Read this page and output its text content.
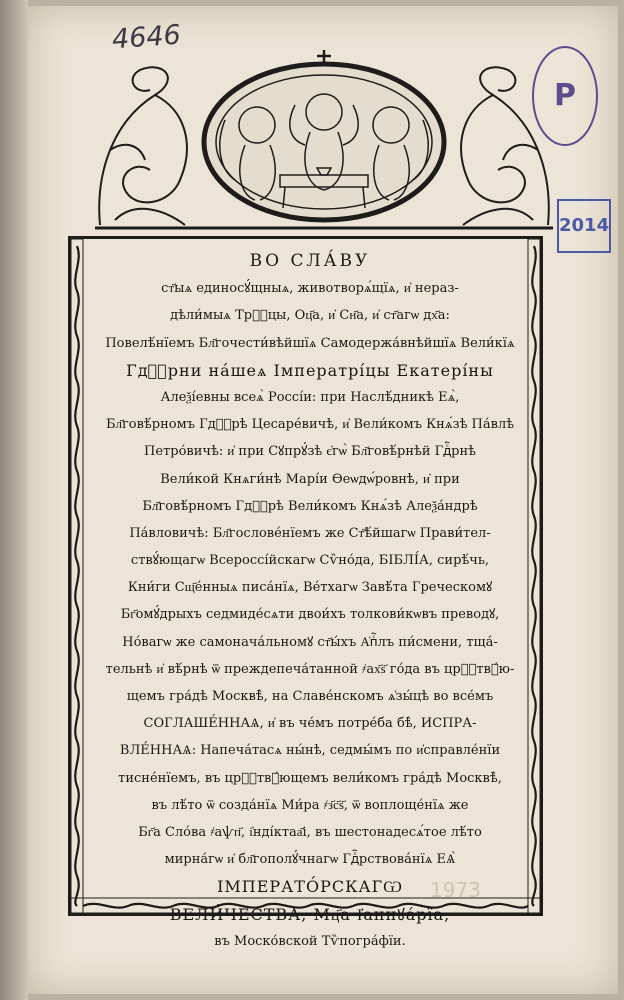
4646
Р
2014
ВО СЛА́ВУ
ст҃ыѧ единосꙋ́щныѧ, животворѧ́щїѧ, и҆ нераз-
дѣли́мыѧ Трⷪ҇цы, Оц҃а, и҆ Сн҃а, и҆ ст҃агѡ дх҃а:
Повелѣ́нїемъ Бл҃гочести́вѣйшїѧ Самодержа́внѣйшїѧ Вели́кїѧ
Гдⷭ҇рни на́шеѧ Імператрі́цы Екатері́ны
Алеѯі́евны всеѧ̀ Россі́и: при Наслѣ́дникѣ Еѧ̀,
Бл҃говѣ́рномъ Гдⷭ҇рѣ Цесаре́вичѣ, и҆ Вели́комъ Кнѧ́зѣ Па́влѣ
Петро́вичѣ: и҆ при Сꙋпрꙋ́зѣ є҆гѡ̀ Бл҃говѣ́рнѣй Гдⷭ҇рнѣ
Вели́кой Кнѧги́нѣ Марі́и Ѳеѡдѡ́ровнѣ, и҆ при
Бл҃говѣ́рномъ Гдⷭ҇рѣ Вели́комъ Кнѧ́зѣ Алеѯа́ндрѣ
Па́вловичѣ: Бл҃гослове́нїемъ же Ст҃ѣ́йшагѡ Прави́тел-
ствꙋ́ющагѡ Всероссі́йскагѡ Сѷно́да, БІБЛІ́А, сирѣ́чь,
Кни́ги Сщ҃е́нныѧ писа́нїѧ, Ве́тхагѡ Завѣ́та Греческомꙋ
Бг҃омꙋ́дрыхъ седмиде́сѧти двои́хъ толкови́кѡвъ преводꙋ,
Но́вагѡ же самоначáльномꙋ ст҃ы́хъ А҆пⷭ҇лъ пи́смени, тща́-
тельнѣ и҆ вѣ́рнѣ ѿ преждепеча́танной ҂ах҃ѕ҃ го́да въ црⷭ҇твꙋ́ю-
щемъ гра́дѣ Москвѣ̀, на Славе́нскомъ ѧ҆зы́цѣ во все́мъ
СОГЛАШЕ́ННАѦ, и҆ въ че́мъ потре́ба бѣ̀, ИСПРА-
ВЛЕ́ННАѦ: Напеча́тасѧ ны́нѣ, седмы́мъ по и҆справле́нїи
тисне́нїемъ, въ црⷭ҇твꙋ́ющемъ вели́комъ гра́дѣ Москвѣ̀,
въ лѣ́то ѿ созда́нїѧ Ми́ра ҂з҃с҃ѕ҃, ѿ воплоще́нїѧ же
Бг҃а Сло́ва ҂аѱп҃, і҆нді́ктаа҃і, въ шестонадесѧ́тое лѣ́то
мирна́гѡ и҆ бл҃гополꙋ́чнагѡ Гдⷭ҇рствова́нїѧ ЕѦ̀
ІМПЕРАТО́РСКАГѠ
ВЕЛИ́ЧЕСТВА, Мц҃а І҆аннꙋа́рїа,
въ Моско́вской Тѷпогра́фїи.
1973
